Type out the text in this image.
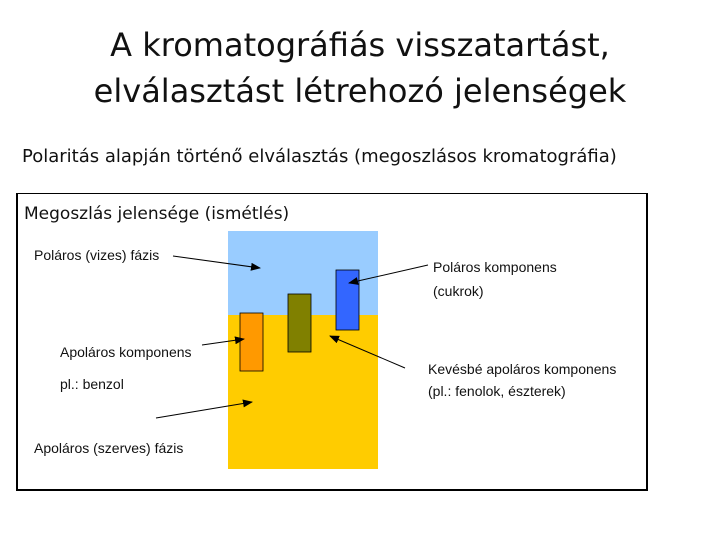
A kromatográfiás visszatartást,
elválasztást létrehozó jelenségek
Polaritás alapján történő elválasztás (megoszlásos kromatográfia)
Megoszlás jelensége (ismétlés)
Poláros (vizes) fázis
Apoláros komponens
pl.: benzol
Apoláros (szerves) fázis
Poláros komponens
(cukrok)
Kevésbé apoláros komponens
(pl.: fenolok, észterek)
